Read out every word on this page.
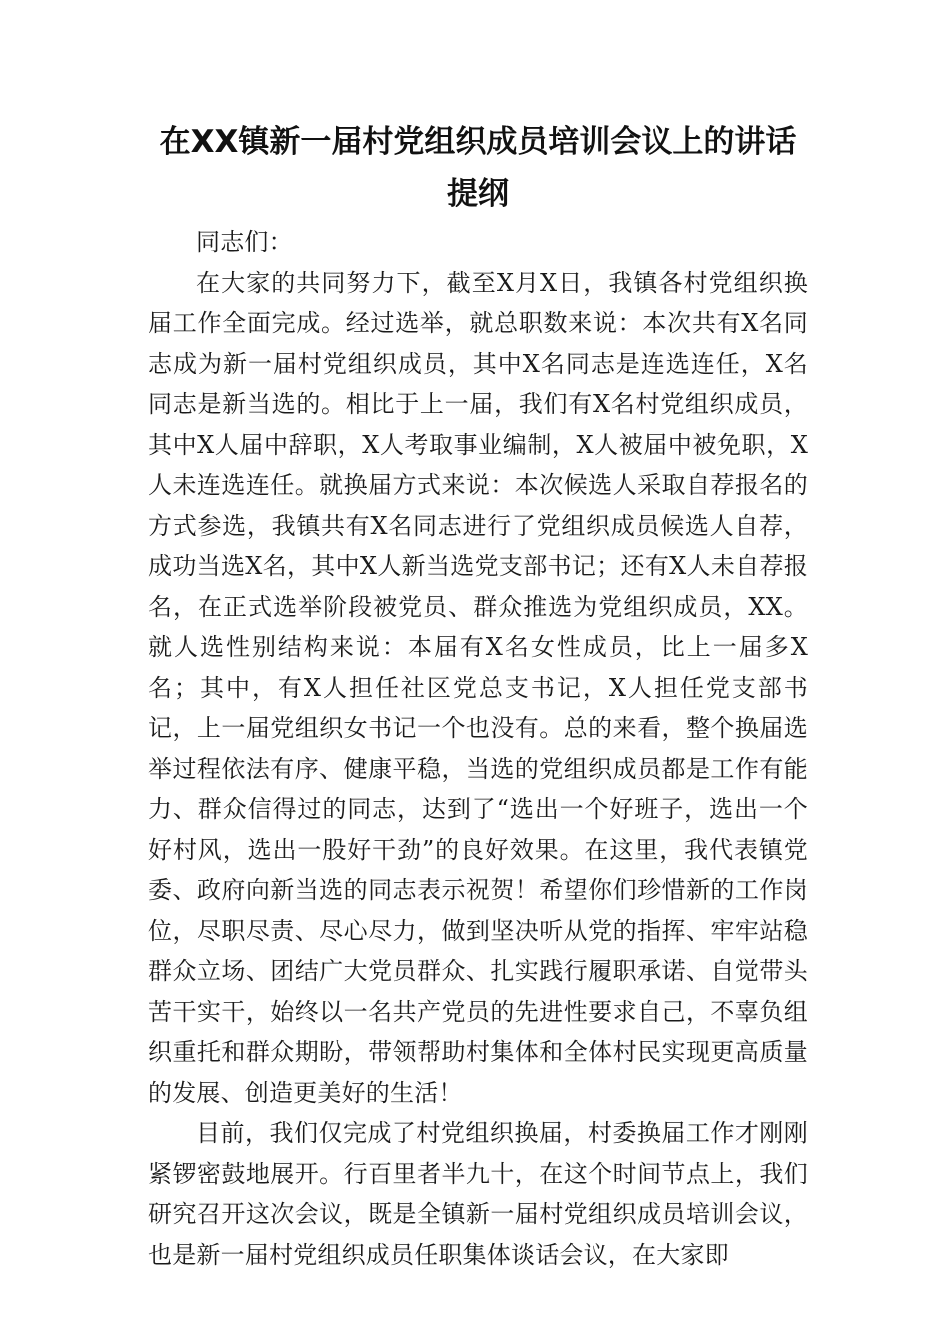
在XX镇新一届村党组织成员培训会议上的讲话提纲

同志们：

在大家的共同努力下，截至X月X日，我镇各村党组织换届工作全面完成。经过选举，就总职数来说：本次共有X名同志成为新一届村党组织成员，其中X名同志是连选连任，X名同志是新当选的。相比于上一届，我们有X名村党组织成员，其中X人届中辞职，X人考取事业编制，X人被届中被免职，X人未连选连任。就换届方式来说：本次候选人采取自荐报名的方式参选，我镇共有X名同志进行了党组织成员候选人自荐，成功当选X名，其中X人新当选党支部书记；还有X人未自荐报名，在正式选举阶段被党员、群众推选为党组织成员，XX。就人选性别结构来说：本届有X名女性成员，比上一届多X名；其中，有X人担任社区党总支书记，X人担任党支部书记，上一届党组织女书记一个也没有。总的来看，整个换届选举过程依法有序、健康平稳，当选的党组织成员都是工作有能力、群众信得过的同志，达到了“选出一个好班子，选出一个好村风，选出一股好干劲”的良好效果。在这里，我代表镇党委、政府向新当选的同志表示祝贺！希望你们珍惜新的工作岗位，尽职尽责、尽心尽力，做到坚决听从党的指挥、牢牢站稳群众立场、团结广大党员群众、扎实践行履职承诺、自觉带头苦干实干，始终以一名共产党员的先进性要求自己，不辜负组织重托和群众期盼，带领帮助村集体和全体村民实现更高质量的发展、创造更美好的生活！

目前，我们仅完成了村党组织换届，村委换届工作才刚刚紧锣密鼓地展开。行百里者半九十，在这个时间节点上，我们研究召开这次会议，既是全镇新一届村党组织成员培训会议，也是新一届村党组织成员任职集体谈话会议，在大家即
